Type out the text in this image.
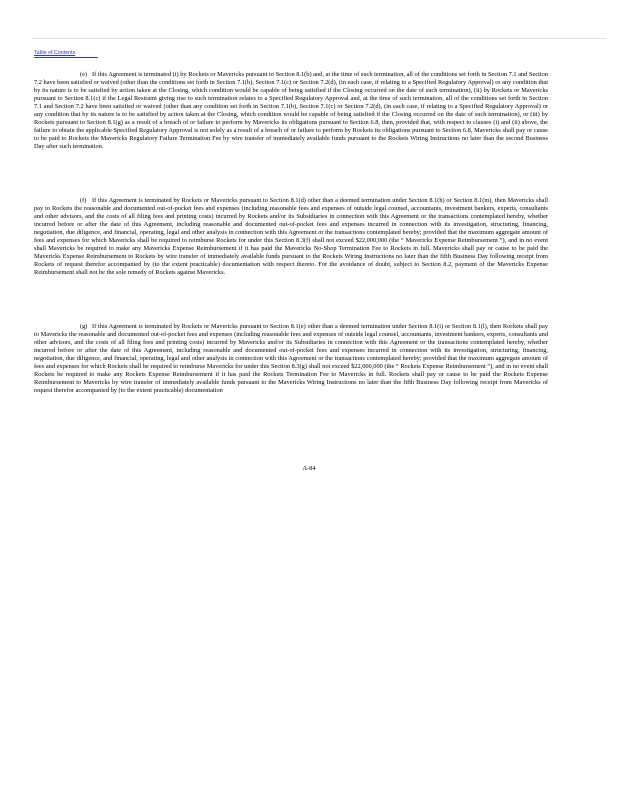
Table of Contents

(e) If this Agreement is terminated (i) by Rockets or Mavericks pursuant to Section 8.1(b) and, at the time of such termination, all of the conditions set forth in Section 7.1 and Section 7.2 have been satisfied or waived (other than the conditions set forth in Section 7.1(b), Section 7.1(c) or Section 7.2(d), (in each case, if relating to a Specified Regulatory Approval) or any condition that by its nature is to be satisfied by action taken at the Closing, which condition would be capable of being satisfied if the Closing occurred on the date of such termination), (ii) by Rockets or Mavericks pursuant to Section 8.1(c) if the Legal Restraint giving rise to such termination relates to a Specified Regulatory Approval and, at the time of such termination, all of the conditions set forth in Section 7.1 and Section 7.2 have been satisfied or waived (other than any condition set forth in Section 7.1(b), Section 7.1(c) or Section 7.2(d), (in each case, if relating to a Specified Regulatory Approval) or any condition that by its nature is to be satisfied by action taken at the Closing, which condition would be capable of being satisfied if the Closing occurred on the date of such termination), or (iii) by Rockets pursuant to Section 8.1(g) as a result of a breach of or failure to perform by Mavericks its obligations pursuant to Section 6.8, then, provided that, with respect to clauses (i) and (ii) above, the failure to obtain the applicable Specified Regulatory Approval is not solely as a result of a breach of or failure to perform by Rockets its obligations pursuant to Section 6.8, Mavericks shall pay or cause to be paid to Rockets the Mavericks Regulatory Failure Termination Fee by wire transfer of immediately available funds pursuant to the Rockets Wiring Instructions no later than the second Business Day after such termination.

(f) If this Agreement is terminated by Rockets or Mavericks pursuant to Section 8.1(d) other than a deemed termination under Section 8.1(h) or Section 8.1(m), then Mavericks shall pay to Rockets the reasonable and documented out-of-pocket fees and expenses (including reasonable fees and expenses of outside legal counsel, accountants, investment bankers, experts, consultants and other advisors, and the costs of all filing fees and printing costs) incurred by Rockets and/or its Subsidiaries in connection with this Agreement or the transactions contemplated hereby, whether incurred before or after the date of this Agreement, including reasonable and documented out-of-pocket fees and expenses incurred in connection with its investigation, structuring, financing, negotiation, due diligence, and financial, operating, legal and other analysis in connection with this Agreement or the transactions contemplated hereby; provided that the maximum aggregate amount of fees and expenses for which Mavericks shall be required to reimburse Rockets for under this Section 8.3(f) shall not exceed $22,000,000 (the “ Mavericks Expense Reimbursement ”), and in no event shall Mavericks be required to make any Mavericks Expense Reimbursement if it has paid the Mavericks No-Shop Termination Fee to Rockets in full. Mavericks shall pay or cause to be paid the Mavericks Expense Reimbursement to Rockets by wire transfer of immediately available funds pursuant to the Rockets Wiring Instructions no later than the fifth Business Day following receipt from Rockets of request therefor accompanied by (to the extent practicable) documentation with respect thereto. For the avoidance of doubt, subject to Section 8.2, payment of the Mavericks Expense Reimbursement shall not be the sole remedy of Rockets against Mavericks.

(g) If this Agreement is terminated by Rockets or Mavericks pursuant to Section 8.1(e) other than a deemed termination under Section 8.1(i) or Section 8.1(l), then Rockets shall pay to Mavericks the reasonable and documented out-of-pocket fees and expenses (including reasonable fees and expenses of outside legal counsel, accountants, investment bankers, experts, consultants and other advisors, and the costs of all filing fees and printing costs) incurred by Mavericks and/or its Subsidiaries in connection with this Agreement or the transactions contemplated hereby, whether incurred before or after the date of this Agreement, including reasonable and documented out-of-pocket fees and expenses incurred in connection with its investigation, structuring, financing, negotiation, due diligence, and financial, operating, legal and other analysis in connection with this Agreement or the transactions contemplated hereby; provided that the maximum aggregate amount of fees and expenses for which Rockets shall be required to reimburse Mavericks for under this Section 8.3(g) shall not exceed $22,000,000 (the “ Rockets Expense Reimbursement ”), and in no event shall Rockets be required to make any Rockets Expense Reimbursement if it has paid the Rockets Termination Fee to Mavericks in full. Rockets shall pay or cause to be paid the Rockets Expense Reimbursement to Mavericks by wire transfer of immediately available funds pursuant to the Mavericks Wiring Instructions no later than the fifth Business Day following receipt from Mavericks of request therefor accompanied by (to the extent practicable) documentation

A-84
